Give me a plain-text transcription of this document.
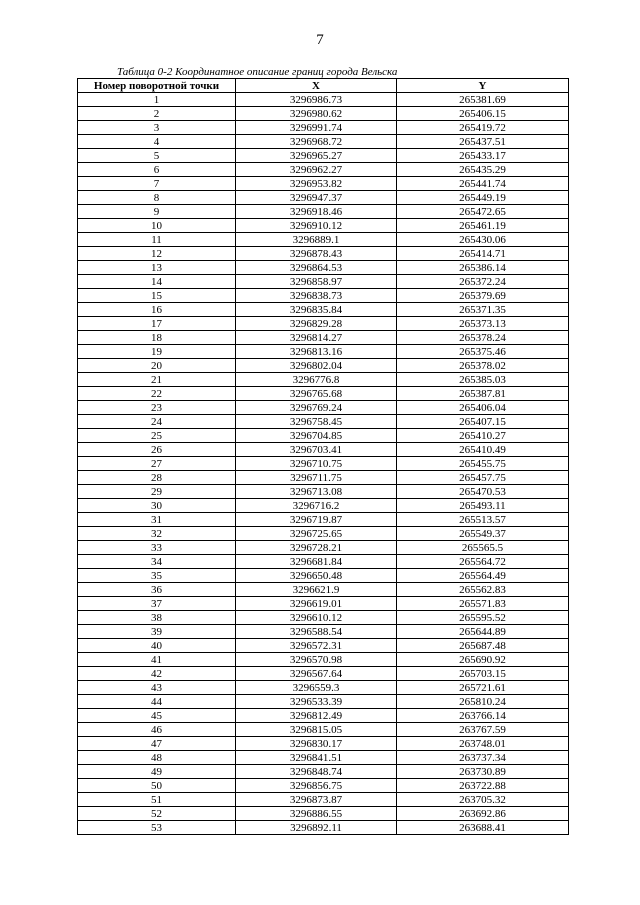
7
Таблица 0-2 Координатное описание границ города Вельска
Номер поворотной точки	X	Y
1	3296986.73	265381.69
2	3296980.62	265406.15
3	3296991.74	265419.72
4	3296968.72	265437.51
5	3296965.27	265433.17
6	3296962.27	265435.29
7	3296953.82	265441.74
8	3296947.37	265449.19
9	3296918.46	265472.65
10	3296910.12	265461.19
11	3296889.1	265430.06
12	3296878.43	265414.71
13	3296864.53	265386.14
14	3296858.97	265372.24
15	3296838.73	265379.69
16	3296835.84	265371.35
17	3296829.28	265373.13
18	3296814.27	265378.24
19	3296813.16	265375.46
20	3296802.04	265378.02
21	3296776.8	265385.03
22	3296765.68	265387.81
23	3296769.24	265406.04
24	3296758.45	265407.15
25	3296704.85	265410.27
26	3296703.41	265410.49
27	3296710.75	265455.75
28	3296711.75	265457.75
29	3296713.08	265470.53
30	3296716.2	265493.11
31	3296719.87	265513.57
32	3296725.65	265549.37
33	3296728.21	265565.5
34	3296681.84	265564.72
35	3296650.48	265564.49
36	3296621.9	265562.83
37	3296619.01	265571.83
38	3296610.12	265595.52
39	3296588.54	265644.89
40	3296572.31	265687.48
41	3296570.98	265690.92
42	3296567.64	265703.15
43	3296559.3	265721.61
44	3296533.39	265810.24
45	3296812.49	263766.14
46	3296815.05	263767.59
47	3296830.17	263748.01
48	3296841.51	263737.34
49	3296848.74	263730.89
50	3296856.75	263722.88
51	3296873.87	263705.32
52	3296886.55	263692.86
53	3296892.11	263688.41
